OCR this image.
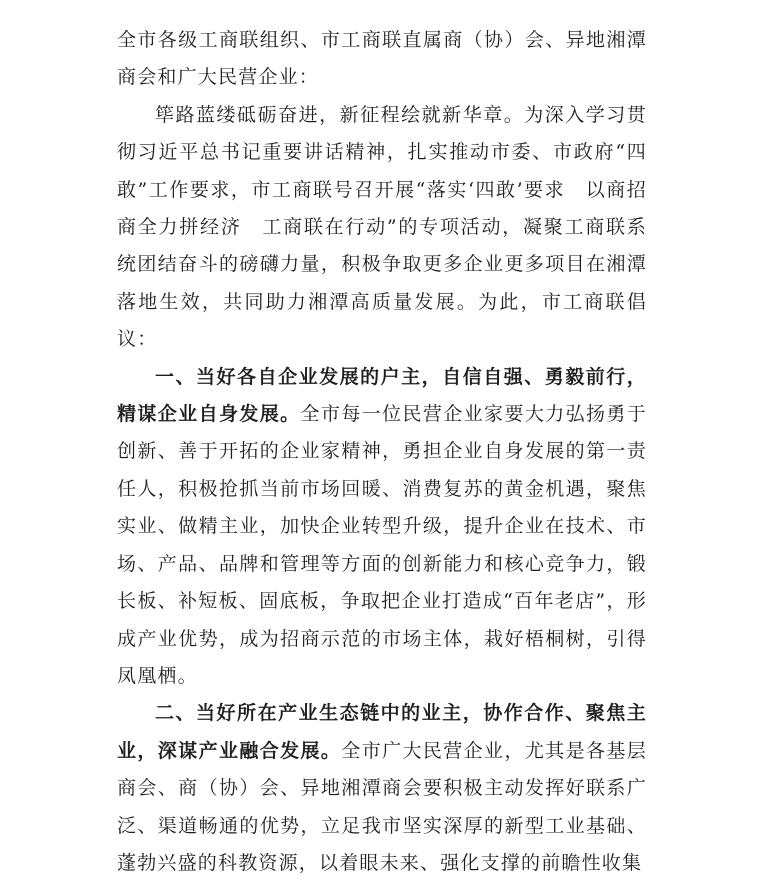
全市各级工商联组织、市工商联直属商（协）会、异地湘潭商会和广大民营企业：

筚路蓝缕砥砺奋进，新征程绘就新华章。为深入学习贯彻习近平总书记重要讲话精神，扎实推动市委、市政府“四敢”工作要求，市工商联号召开展“落实‘四敢’要求　以商招商全力拼经济　工商联在行动”的专项活动，凝聚工商联系统团结奋斗的磅礴力量，积极争取更多企业更多项目在湘潭落地生效，共同助力湘潭高质量发展。为此，市工商联倡议：

一、当好各自企业发展的户主，自信自强、勇毅前行，精谋企业自身发展。全市每一位民营企业家要大力弘扬勇于创新、善于开拓的企业家精神，勇担企业自身发展的第一责任人，积极抢抓当前市场回暖、消费复苏的黄金机遇，聚焦实业、做精主业，加快企业转型升级，提升企业在技术、市场、产品、品牌和管理等方面的创新能力和核心竞争力，锻长板、补短板、固底板，争取把企业打造成“百年老店”，形成产业优势，成为招商示范的市场主体，栽好梧桐树，引得凤凰栖。

二、当好所在产业生态链中的业主，协作合作、聚焦主业，深谋产业融合发展。全市广大民营企业，尤其是各基层商会、商（协）会、异地湘潭商会要积极主动发挥好联系广泛、渠道畅通的优势，立足我市坚实深厚的新型工业基础、蓬勃兴盛的科教资源，以着眼未来、强化支撑的前瞻性收集
